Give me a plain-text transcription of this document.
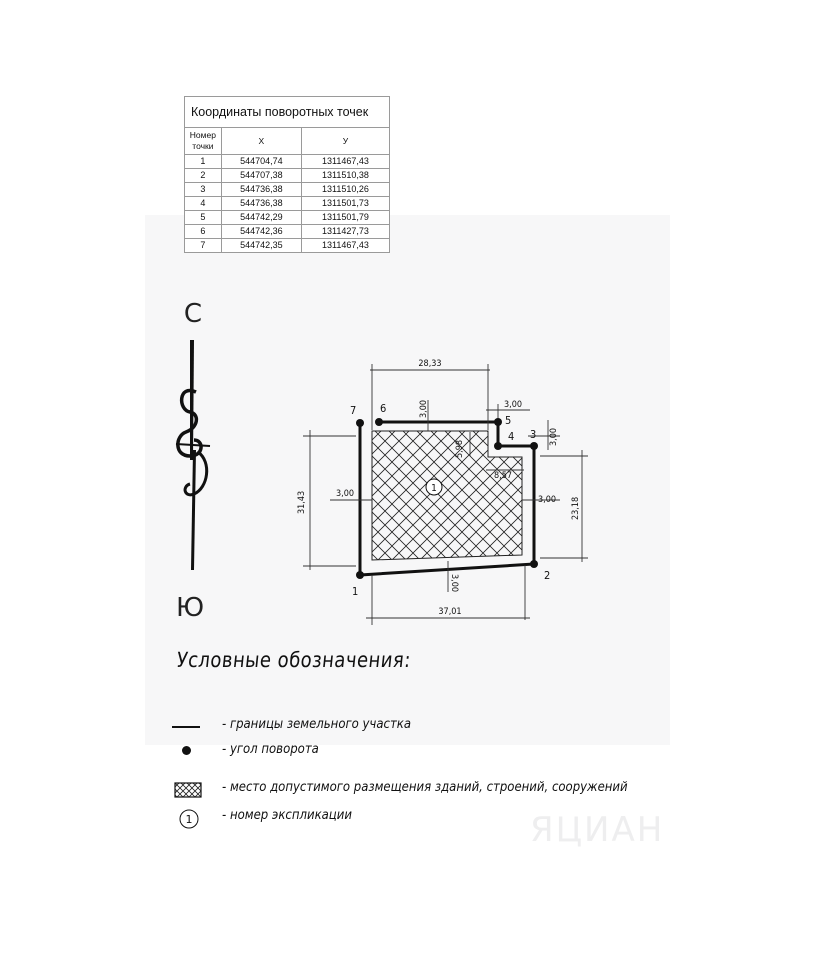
Координаты поворотных точек		
Номер точки	X	У
1	544704,74	1311467,43
2	544707,38	1311510,38
3	544736,38	1311510,26
4	544736,38	1311501,73
5	544742,29	1311501,79
6	544742,36	1311427,73
7	544742,35	1311467,43
С
Ю
7 6
5
4 3
2
1
28,33
3,00	3,00
3,00
5,98
8,57
3,00
3,00
3,00
31,43	23,18
37,01
1
Условные обозначения:
- границы земельного участка
- угол поворота
- место допустимого размещения зданий, строений, сооружений
1 - номер экспликации	ЯЦИАН
